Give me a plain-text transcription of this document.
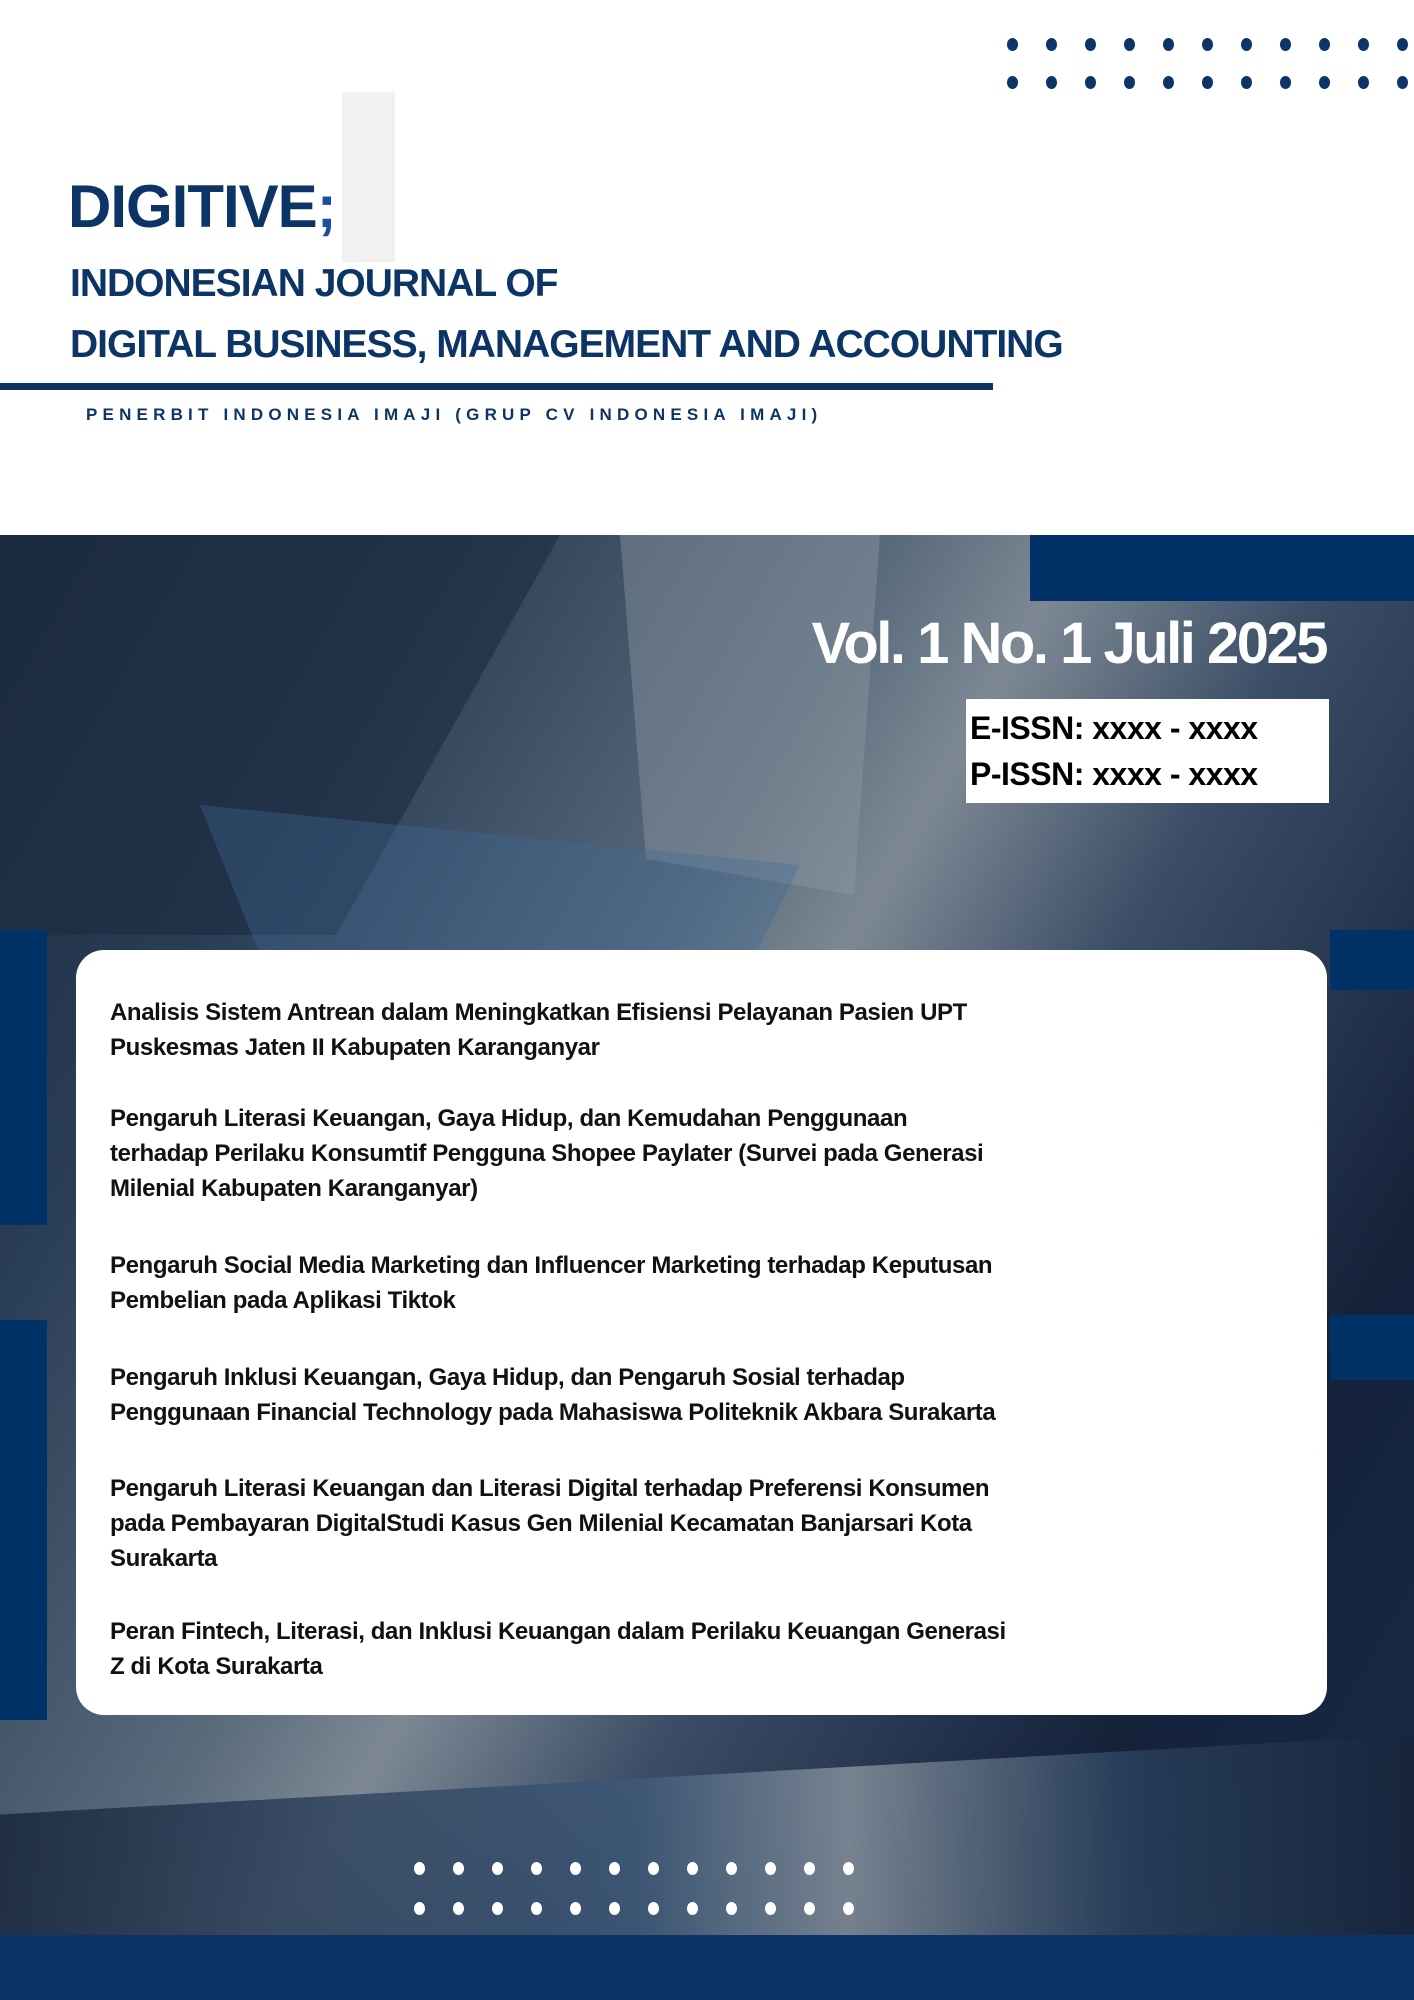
DIGITIVE;
INDONESIAN JOURNAL OF
DIGITAL BUSINESS, MANAGEMENT AND ACCOUNTING
PENERBIT INDONESIA IMAJI (GRUP CV INDONESIA IMAJI)
Vol. 1 No. 1 Juli 2025
E-ISSN: xxxx - xxxx
P-ISSN: xxxx - xxxx
Analisis Sistem Antrean dalam Meningkatkan Efisiensi Pelayanan Pasien UPT
Puskesmas Jaten II Kabupaten Karanganyar
Pengaruh Literasi Keuangan, Gaya Hidup, dan Kemudahan Penggunaan
terhadap Perilaku Konsumtif Pengguna Shopee Paylater (Survei pada Generasi
Milenial Kabupaten Karanganyar)
Pengaruh Social Media Marketing dan Influencer Marketing terhadap Keputusan
Pembelian pada Aplikasi Tiktok
Pengaruh Inklusi Keuangan, Gaya Hidup, dan Pengaruh Sosial terhadap
Penggunaan Financial Technology pada Mahasiswa Politeknik Akbara Surakarta
Pengaruh Literasi Keuangan dan Literasi Digital terhadap Preferensi Konsumen
pada Pembayaran DigitalStudi Kasus Gen Milenial Kecamatan Banjarsari Kota
Surakarta
Peran Fintech, Literasi, dan Inklusi Keuangan dalam Perilaku Keuangan Generasi
Z di Kota Surakarta
